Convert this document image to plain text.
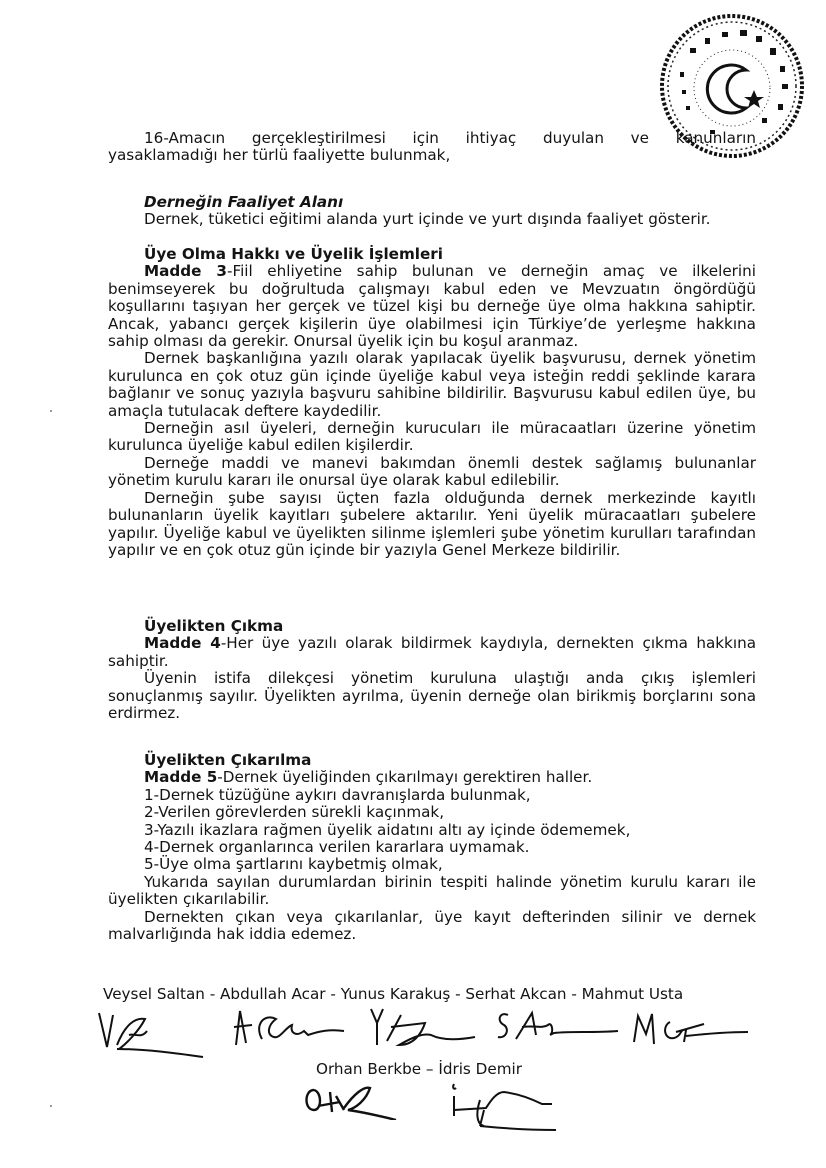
16-Amacın gerçekleştirilmesi için ihtiyaç duyulan ve kanunların
yasaklamadığı her türlü faaliyette bulunmak,
Derneğin Faaliyet Alanı
Dernek, tüketici eğitimi alanda yurt içinde ve yurt dışında faaliyet gösterir.
Üye Olma Hakkı ve Üyelik İşlemleri

Madde 3-Fiil ehliyetine sahip bulunan ve derneğin amaç ve ilkelerini benimseyerek bu doğrultuda çalışmayı kabul eden ve Mevzuatın öngördüğü koşullarını taşıyan her gerçek ve tüzel kişi bu derneğe üye olma hakkına sahiptir. Ancak, yabancı gerçek kişilerin üye olabilmesi için Türkiye’de yerleşme hakkına sahip olması da gerekir. Onursal üyelik için bu koşul aranmaz.

Dernek başkanlığına yazılı olarak yapılacak üyelik başvurusu, dernek yönetim kurulunca en çok otuz gün içinde üyeliğe kabul veya isteğin reddi şeklinde karara bağlanır ve sonuç yazıyla başvuru sahibine bildirilir. Başvurusu kabul edilen üye, bu amaçla tutulacak deftere kaydedilir.

Derneğin asıl üyeleri, derneğin kurucuları ile müracaatları üzerine yönetim kurulunca üyeliğe kabul edilen kişilerdir.

Derneğe maddi ve manevi bakımdan önemli destek sağlamış bulunanlar yönetim kurulu kararı ile onursal üye olarak kabul edilebilir.

Derneğin şube sayısı üçten fazla olduğunda dernek merkezinde kayıtlı bulunanların üyelik kayıtları şubelere aktarılır. Yeni üyelik müracaatları şubelere yapılır. Üyeliğe kabul ve üyelikten silinme işlemleri şube yönetim kurulları tarafından yapılır ve en çok otuz gün içinde bir yazıyla Genel Merkeze bildirilir.

Üyelikten Çıkma

Madde 4-Her üye yazılı olarak bildirmek kaydıyla, dernekten çıkma hakkına sahiptir.

Üyenin istifa dilekçesi yönetim kuruluna ulaştığı anda çıkış işlemleri sonuçlanmış sayılır. Üyelikten ayrılma, üyenin derneğe olan birikmiş borçlarını sona erdirmez.

Üyelikten Çıkarılma
Madde 5-Dernek üyeliğinden çıkarılmayı gerektiren haller.
1-Dernek tüzüğüne aykırı davranışlarda bulunmak,
2-Verilen görevlerden sürekli kaçınmak,
3-Yazılı ikazlara rağmen üyelik aidatını altı ay içinde ödememek,
4-Dernek organlarınca verilen kararlara uymamak.
5-Üye olma şartlarını kaybetmiş olmak,

Yukarıda sayılan durumlardan birinin tespiti halinde yönetim kurulu kararı ile üyelikten çıkarılabilir.

Dernekten çıkan veya çıkarılanlar, üye kayıt defterinden silinir ve dernek malvarlığında hak iddia edemez.

Veysel Saltan - Abdullah Acar - Yunus Karakuş - Serhat Akcan - Mahmut Usta
Orhan Berkbe – İdris Demir
